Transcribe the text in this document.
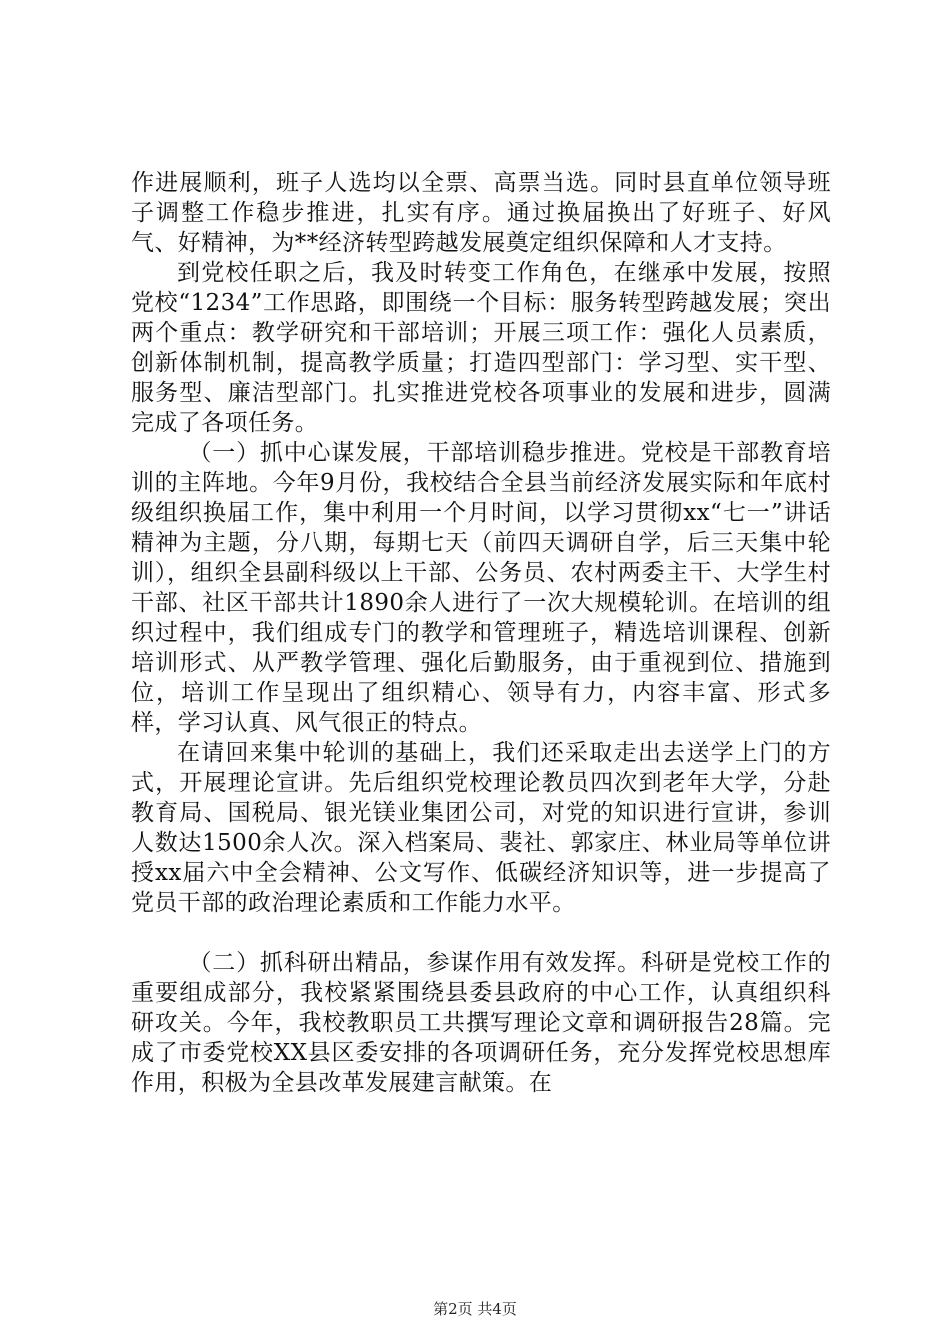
作进展顺利，班子人选均以全票、高票当选。同时县直单位领导班子调整工作稳步推进，扎实有序。通过换届换出了好班子、好风气、好精神，为**经济转型跨越发展奠定组织保障和人才支持。

到党校任职之后，我及时转变工作角色，在继承中发展，按照党校“1234”工作思路，即围绕一个目标：服务转型跨越发展；突出两个重点：教学研究和干部培训；开展三项工作：强化人员素质，创新体制机制，提高教学质量；打造四型部门：学习型、实干型、服务型、廉洁型部门。扎实推进党校各项事业的发展和进步，圆满完成了各项任务。

（一）抓中心谋发展，干部培训稳步推进。党校是干部教育培训的主阵地。今年9月份，我校结合全县当前经济发展实际和年底村级组织换届工作，集中利用一个月时间，以学习贯彻xx“七一”讲话精神为主题，分八期，每期七天（前四天调研自学，后三天集中轮训），组织全县副科级以上干部、公务员、农村两委主干、大学生村干部、社区干部共计1890余人进行了一次大规模轮训。在培训的组织过程中，我们组成专门的教学和管理班子，精选培训课程、创新培训形式、从严教学管理、强化后勤服务，由于重视到位、措施到位，培训工作呈现出了组织精心、领导有力，内容丰富、形式多样，学习认真、风气很正的特点。

在请回来集中轮训的基础上，我们还采取走出去送学上门的方式，开展理论宣讲。先后组织党校理论教员四次到老年大学，分赴教育局、国税局、银光镁业集团公司，对党的知识进行宣讲，参训人数达1500余人次。深入档案局、裴社、郭家庄、林业局等单位讲授xx届六中全会精神、公文写作、低碳经济知识等，进一步提高了党员干部的政治理论素质和工作能力水平。

（二）抓科研出精品，参谋作用有效发挥。科研是党校工作的重要组成部分，我校紧紧围绕县委县政府的中心工作，认真组织科研攻关。今年，我校教职员工共撰写理论文章和调研报告28篇。完成了市委党校XX县区委安排的各项调研任务，充分发挥党校思想库作用，积极为全县改革发展建言献策。在

第2页 共4页
